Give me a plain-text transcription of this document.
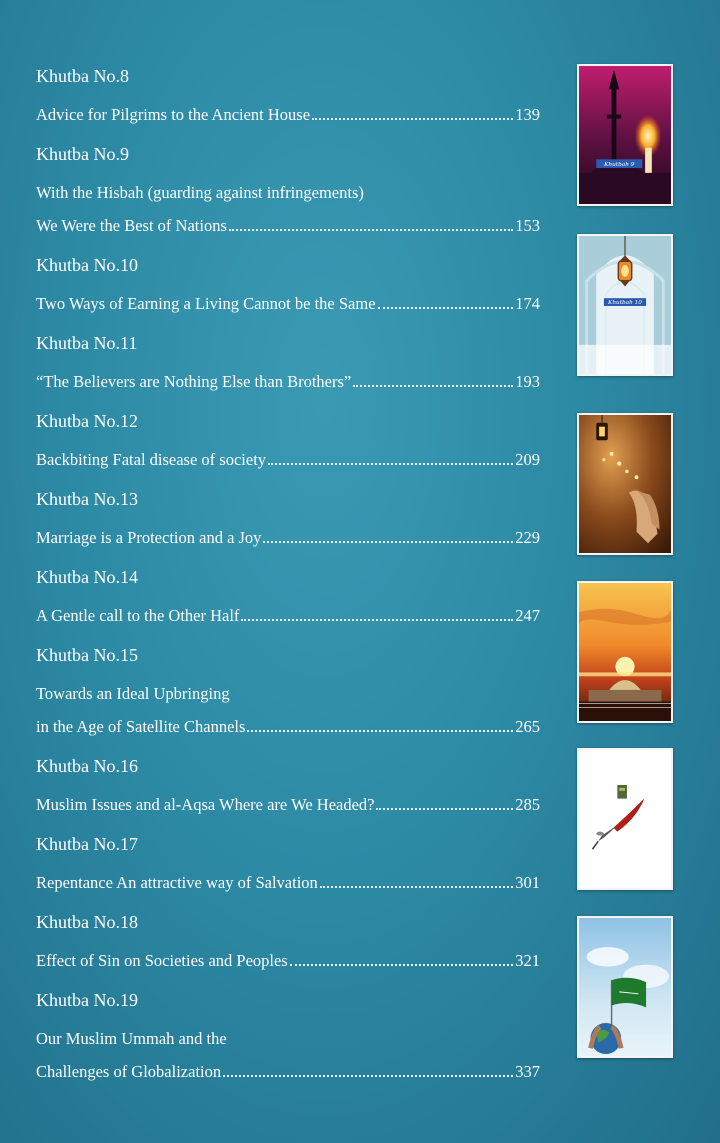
Khutba No.8
Advice for Pilgrims to the Ancient House	139
Khutba No.9
With the Hisbah (guarding against infringements)
We Were the Best of Nations	153
Khutba No.10
Two Ways of Earning a Living Cannot be the Same	174
Khutba No.11
“The Believers are Nothing Else than Brothers”	193
Khutba No.12
Backbiting Fatal disease of society	209
Khutba No.13
Marriage is a Protection and a Joy	229
Khutba No.14
A Gentle call to the Other Half	247
Khutba No.15
Towards an Ideal Upbringing
in the Age of Satellite Channels	265
Khutba No.16
Muslim Issues and al-Aqsa Where are We Headed?	285
Khutba No.17
Repentance An attractive way of Salvation	301
Khutba No.18
Effect of Sin on Societies and Peoples	321
Khutba No.19
Our Muslim Ummah and the
Challenges of Globalization	337
Khutbah 9
Khutbah 10
